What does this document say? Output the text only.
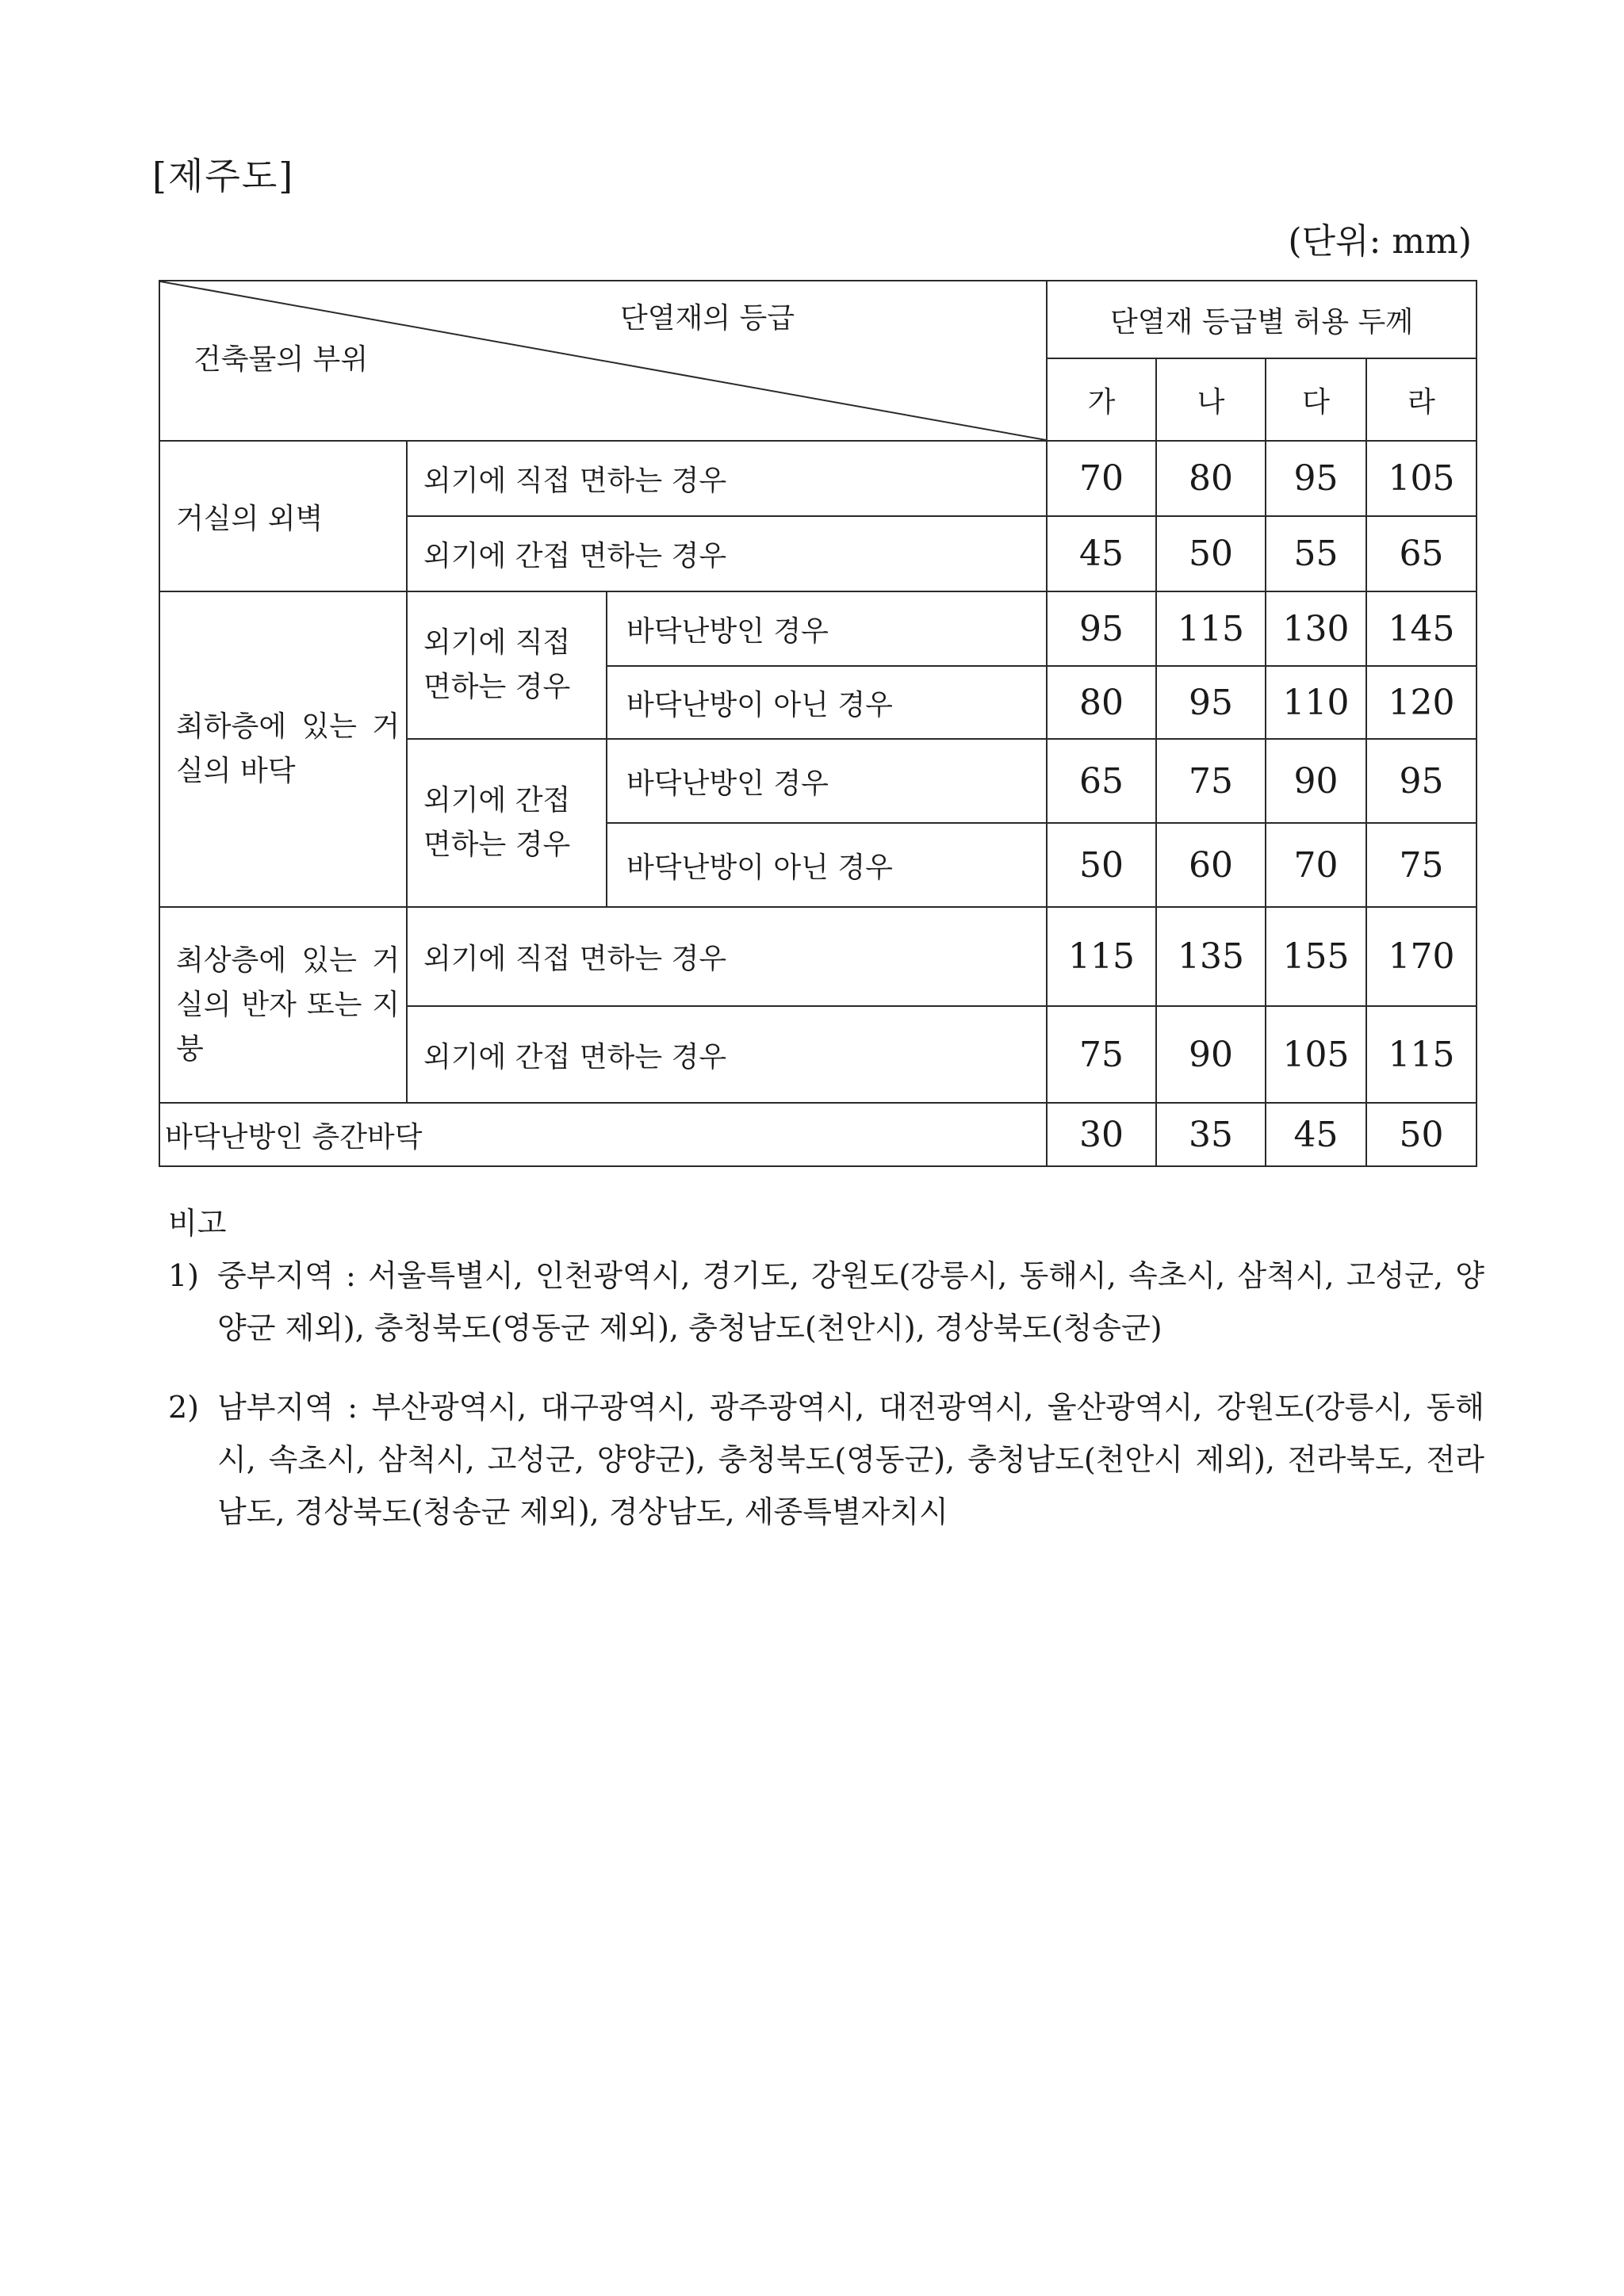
[제주도]
(단위: mm)
단열재의 등급
건축물의 부위			단열재 등급별 허용 두께			
			가	나	다	라
거실의 외벽	외기에 직접 면하는 경우		70	80	95	105
	외기에 간접 면하는 경우		45	50	55	65

최하층에 있는 거실의 바닥	외기에 직접 면하는 경우	바닥난방인 경우	95	115	130	145
		바닥난방이 아닌 경우	80	95	110	120

	외기에 간접 면하는 경우	바닥난방인 경우	65	75	90	95
		바닥난방이 아닌 경우	50	60	70	75

최상층에 있는 거실의 반자 또는 지붕	외기에 직접 면하는 경우		115	135	155	170
	외기에 간접 면하는 경우		75	90	105	115
바닥난방인 층간바닥			30	35	45	50
비고
1) 중부지역 : 서울특별시, 인천광역시, 경기도, 강원도(강릉시, 동해시, 속초시, 삼척시, 고성군, 양양군 제외), 충청북도(영동군 제외), 충청남도(천안시), 경상북도(청송군)
2) 남부지역 : 부산광역시, 대구광역시, 광주광역시, 대전광역시, 울산광역시, 강원도(강릉시, 동해시, 속초시, 삼척시, 고성군, 양양군), 충청북도(영동군), 충청남도(천안시 제외), 전라북도, 전라남도, 경상북도(청송군 제외), 경상남도, 세종특별자치시
